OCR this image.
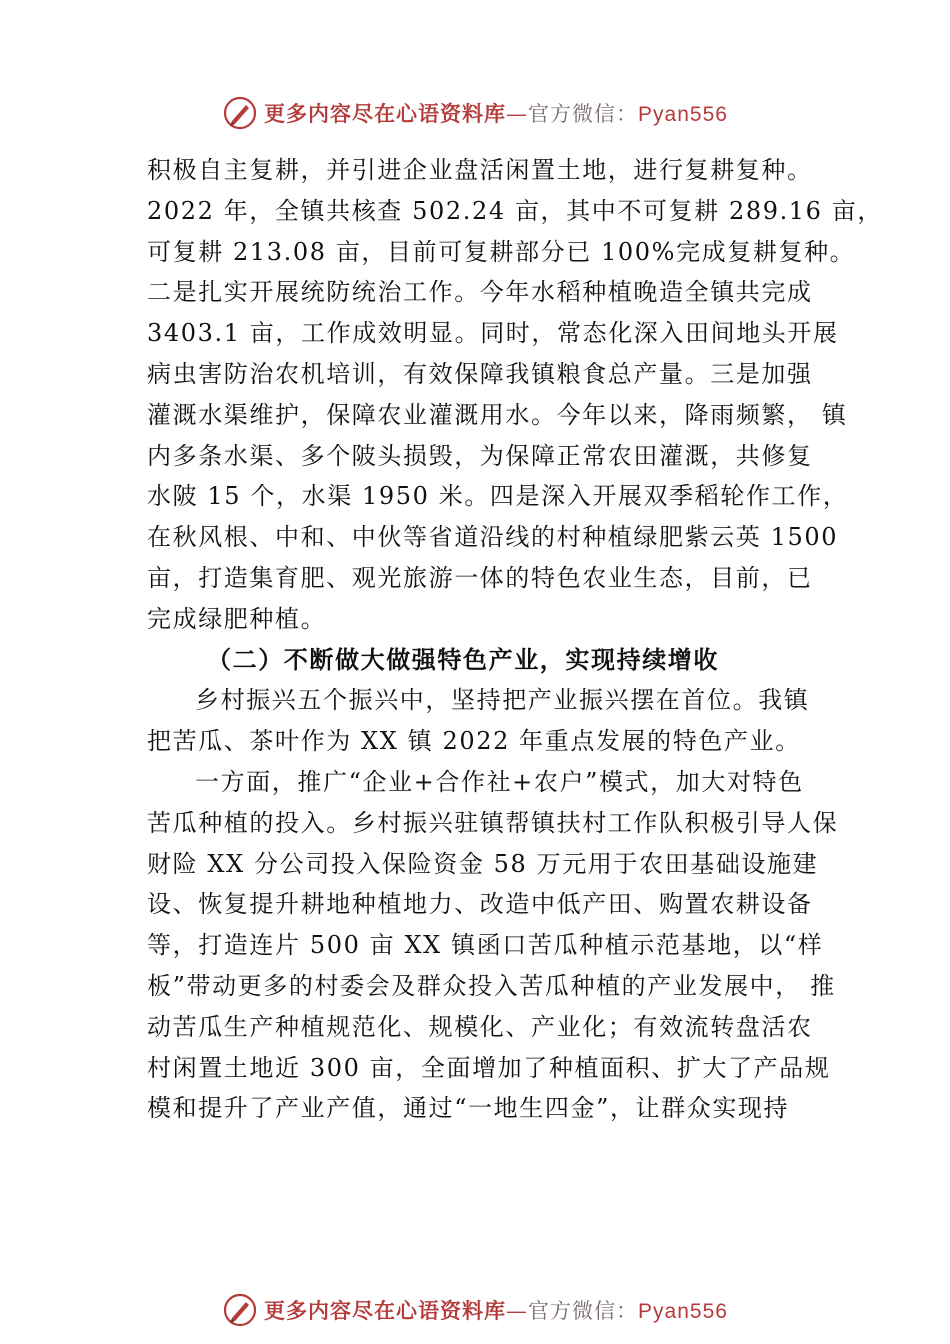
更多内容尽在心语资料库—官方微信：Pyan556
积极自主复耕，并引进企业盘活闲置土地，进行复耕复种。
2022 年，全镇共核查 502.24 亩，其中不可复耕 289.16 亩，
可复耕 213.08 亩，目前可复耕部分已 100%完成复耕复种。
二是扎实开展统防统治工作。今年水稻种植晚造全镇共完成
3403.1 亩，工作成效明显。同时，常态化深入田间地头开展
病虫害防治农机培训，有效保障我镇粮食总产量。三是加强
灌溉水渠维护，保障农业灌溉用水。今年以来，降雨频繁， 镇
内多条水渠、多个陂头损毁，为保障正常农田灌溉，共修复
水陂 15 个，水渠 1950 米。四是深入开展双季稻轮作工作，
在秋风根、中和、中伙等省道沿线的村种植绿肥紫云英 1500
亩，打造集育肥、观光旅游一体的特色农业生态，目前，已
完成绿肥种植。
（二）不断做大做强特色产业，实现持续增收
乡村振兴五个振兴中，坚持把产业振兴摆在首位。我镇
把苦瓜、茶叶作为 XX 镇 2022 年重点发展的特色产业。
一方面，推广“企业+合作社+农户”模式，加大对特色
苦瓜种植的投入。乡村振兴驻镇帮镇扶村工作队积极引导人保
财险 XX 分公司投入保险资金 58 万元用于农田基础设施建
设、恢复提升耕地种植地力、改造中低产田、购置农耕设备
等，打造连片 500 亩 XX 镇函口苦瓜种植示范基地，以“样
板”带动更多的村委会及群众投入苦瓜种植的产业发展中， 推
动苦瓜生产种植规范化、规模化、产业化；有效流转盘活农
村闲置土地近 300 亩，全面增加了种植面积、扩大了产品规
模和提升了产业产值，通过“一地生四金”，让群众实现持
更多内容尽在心语资料库—官方微信：Pyan556
